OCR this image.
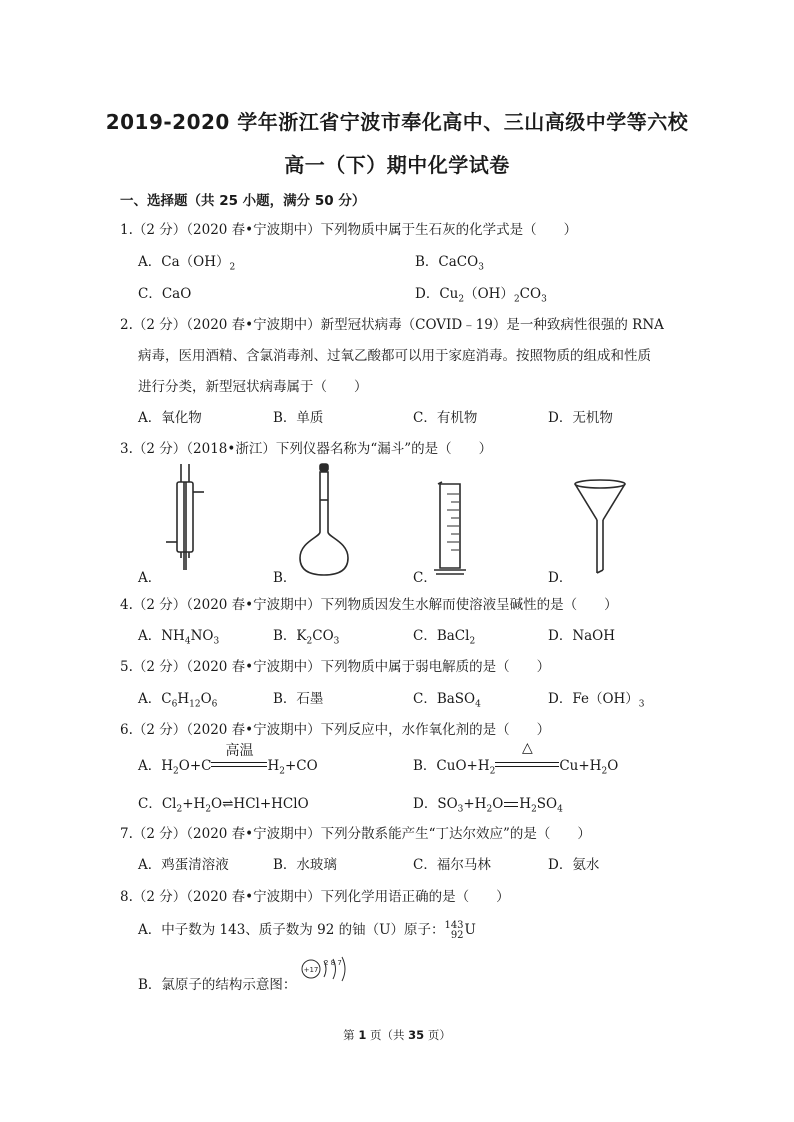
2019-2020 学年浙江省宁波市奉化高中、三山高级中学等六校
高一（下）期中化学试卷
一、选择题（共 25 小题，满分 50 分）
1.（2 分）（2020 春•宁波期中）下列物质中属于生石灰的化学式是（　　）
A．$Ca(OH)_2$	B．CaCO$_3$
C．CaO	D．$Cu_2(OH)_2CO_3$
2.（2 分）（2020 春•宁波期中）新型冠状病毒（COVID﹣19）是一种致病性很强的 RNA
病毒，医用酒精、含氯消毒剂、过氧乙酸都可以用于家庭消毒。按照物质的组成和性质
进行分类，新型冠状病毒属于（　　）
A．氧化物	B．单质	C．有机物	D．无机物
3.（2 分）（2018•浙江）下列仪器名称为“漏斗”的是（　　）
A．	B．	C．	D．
4.（2 分）（2020 春•宁波期中）下列物质因发生水解而使溶液呈碱性的是（　　）
A．$NH_4NO_3$	B．$K_2CO_3$	C．BaCl$_2$	D．NaOH
5.（2 分）（2020 春•宁波期中）下列物质中属于弱电解质的是（　　）
A．$C_6H_{12}O_6$	B．石墨	C．BaSO$_4$	D．$Fe(OH)_3$
6.（2 分）（2020 春•宁波期中）下列反应中，水作氧化剂的是（　　）
A．$H_2O+C$
高温
$H_2+CO$	B．$CuO+H_2$
△
$Cu+H_2O$
C．$Cl_2+H_2O\rightleftharpoons HCl+HClO$	D．$SO_3+H_2O$ $H_2SO_4$
7.（2 分）（2020 春•宁波期中）下列分散系能产生“丁达尔效应”的是（　　）
A．鸡蛋清溶液	B．水玻璃	C．福尔马林	D．氨水
8.（2 分）（2020 春•宁波期中）下列化学用语正确的是（　　）
A．中子数为 143、质子数为 92 的铀（U）原子：143
92U
B．氯原子的结构示意图：
+17
2 8 7
第 1 页（共 35 页）
